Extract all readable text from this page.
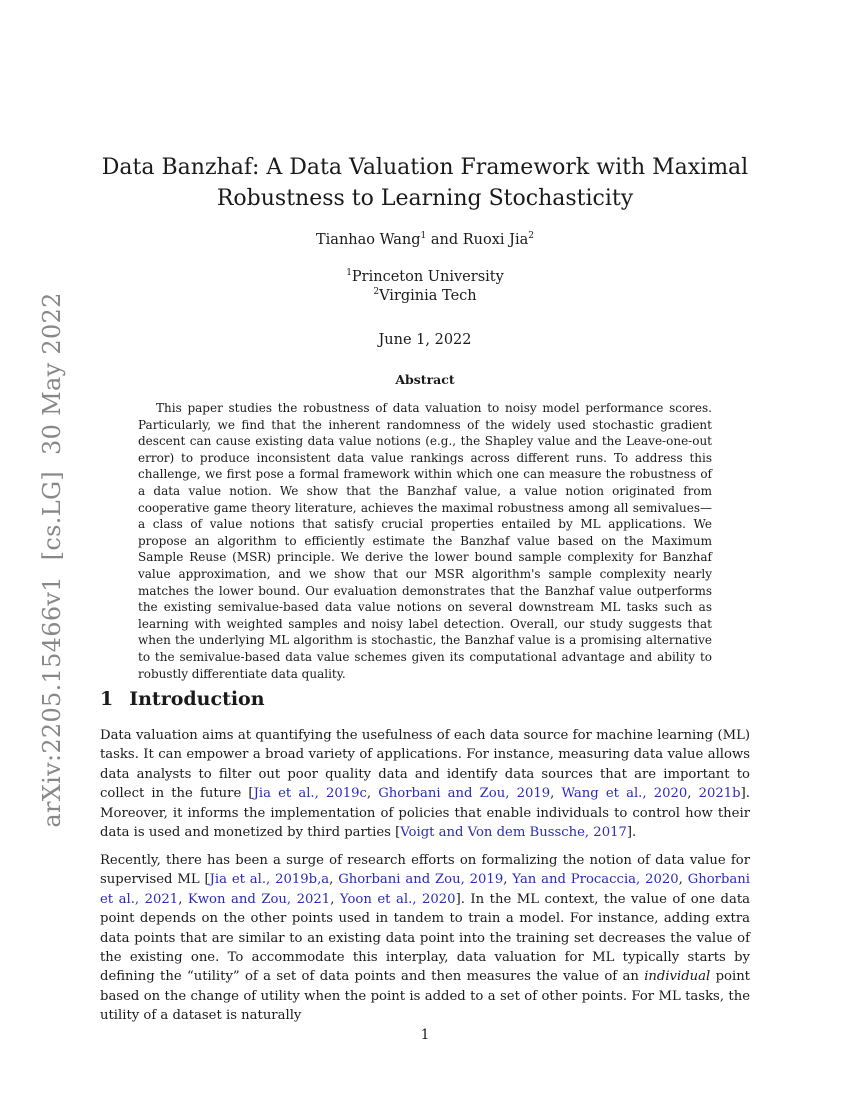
arXiv:2205.15466v1 [cs.LG] 30 May 2022
Data Banzhaf: A Data Valuation Framework with Maximal
Robustness to Learning Stochasticity
Tianhao Wang$^1$ and Ruoxi Jia$^2$
$^1$Princeton University
$^2$Virginia Tech
June 1, 2022
Abstract

This paper studies the robustness of data valuation to noisy model performance scores. Particularly, we find that the inherent randomness of the widely used stochastic gradient descent can cause existing data value notions (e.g., the Shapley value and the Leave-one-out error) to produce inconsistent data value rankings across different runs. To address this challenge, we first pose a formal framework within which one can measure the robustness of a data value notion. We show that the Banzhaf value, a value notion originated from cooperative game theory literature, achieves the maximal robustness among all semivalues—a class of value notions that satisfy crucial properties entailed by ML applications. We propose an algorithm to efficiently estimate the Banzhaf value based on the Maximum Sample Reuse (MSR) principle. We derive the lower bound sample complexity for Banzhaf value approximation, and we show that our MSR algorithm's sample complexity nearly matches the lower bound. Our evaluation demonstrates that the Banzhaf value outperforms the existing semivalue-based data value notions on several downstream ML tasks such as learning with weighted samples and noisy label detection. Overall, our study suggests that when the underlying ML algorithm is stochastic, the Banzhaf value is a promising alternative to the semivalue-based data value schemes given its computational advantage and ability to robustly differentiate data quality.

1 Introduction

Data valuation aims at quantifying the usefulness of each data source for machine learning (ML) tasks. It can empower a broad variety of applications. For instance, measuring data value allows data analysts to filter out poor quality data and identify data sources that are important to collect in the future [Jia et al., 2019c, Ghorbani and Zou, 2019, Wang et al., 2020, 2021b]. Moreover, it informs the implementation of policies that enable individuals to control how their data is used and monetized by third parties [Voigt and Von dem Bussche, 2017].

Recently, there has been a surge of research efforts on formalizing the notion of data value for supervised ML [Jia et al., 2019b,a, Ghorbani and Zou, 2019, Yan and Procaccia, 2020, Ghorbani et al., 2021, Kwon and Zou, 2021, Yoon et al., 2020]. In the ML context, the value of one data point depends on the other points used in tandem to train a model. For instance, adding extra data points that are similar to an existing data point into the training set decreases the value of the existing one. To accommodate this interplay, data valuation for ML typically starts by defining the “utility” of a set of data points and then measures the value of an individual point based on the change of utility when the point is added to a set of other points. For ML tasks, the utility of a dataset is naturally

1
